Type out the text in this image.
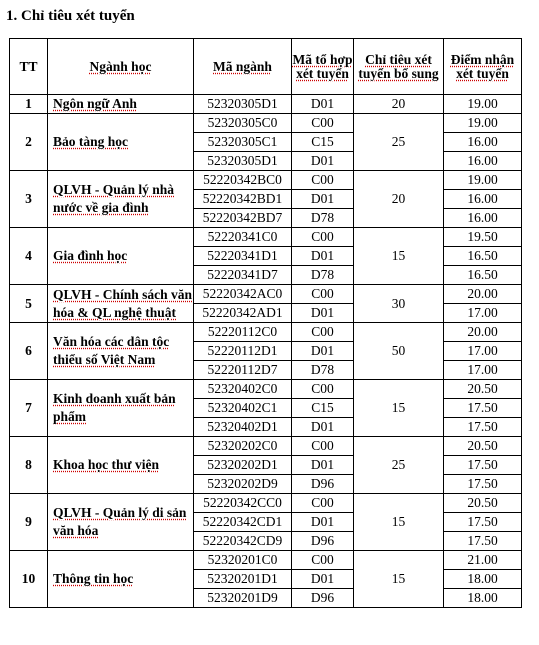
1. Chỉ tiêu xét tuyển
TT	Ngành học	Mã ngành	Mã tổ hợp xét tuyển	Chỉ tiêu xét tuyển bổ sung	Điểm nhận xét tuyển
1	Ngôn ngữ Anh	52320305D1	D01	20	19.00
2	Bảo tàng học	52320305C0	C00	25	19.00
		52320305C1	C15		16.00
		52320305D1	D01		16.00
3	QLVH - Quản lý nhà nước về gia đình	52220342BC0	C00	20	19.00
		52220342BD1	D01		16.00
		52220342BD7	D78		16.00
4	Gia đình học	52220341C0	C00	15	19.50
		52220341D1	D01		16.50
		52220341D7	D78		16.50
5	QLVH - Chính sách văn hóa & QL nghệ thuật	52220342AC0	C00	30	20.00
		52220342AD1	D01		17.00
6	Văn hóa các dân tộc thiểu số Việt Nam	52220112C0	C00	50	20.00
		52220112D1	D01		17.00
		52220112D7	D78		17.00
7	Kinh doanh xuất bản phẩm	52320402C0	C00	15	20.50
		52320402C1	C15		17.50
		52320402D1	D01		17.50
8	Khoa học thư viện	52320202C0	C00	25	20.50
		52320202D1	D01		17.50
		52320202D9	D96		17.50
9	QLVH - Quản lý di sản văn hóa	52220342CC0	C00	15	20.50
		52220342CD1	D01		17.50
		52220342CD9	D96		17.50
10	Thông tin học	52320201C0	C00	15	21.00
		52320201D1	D01		18.00
		52320201D9	D96		18.00
